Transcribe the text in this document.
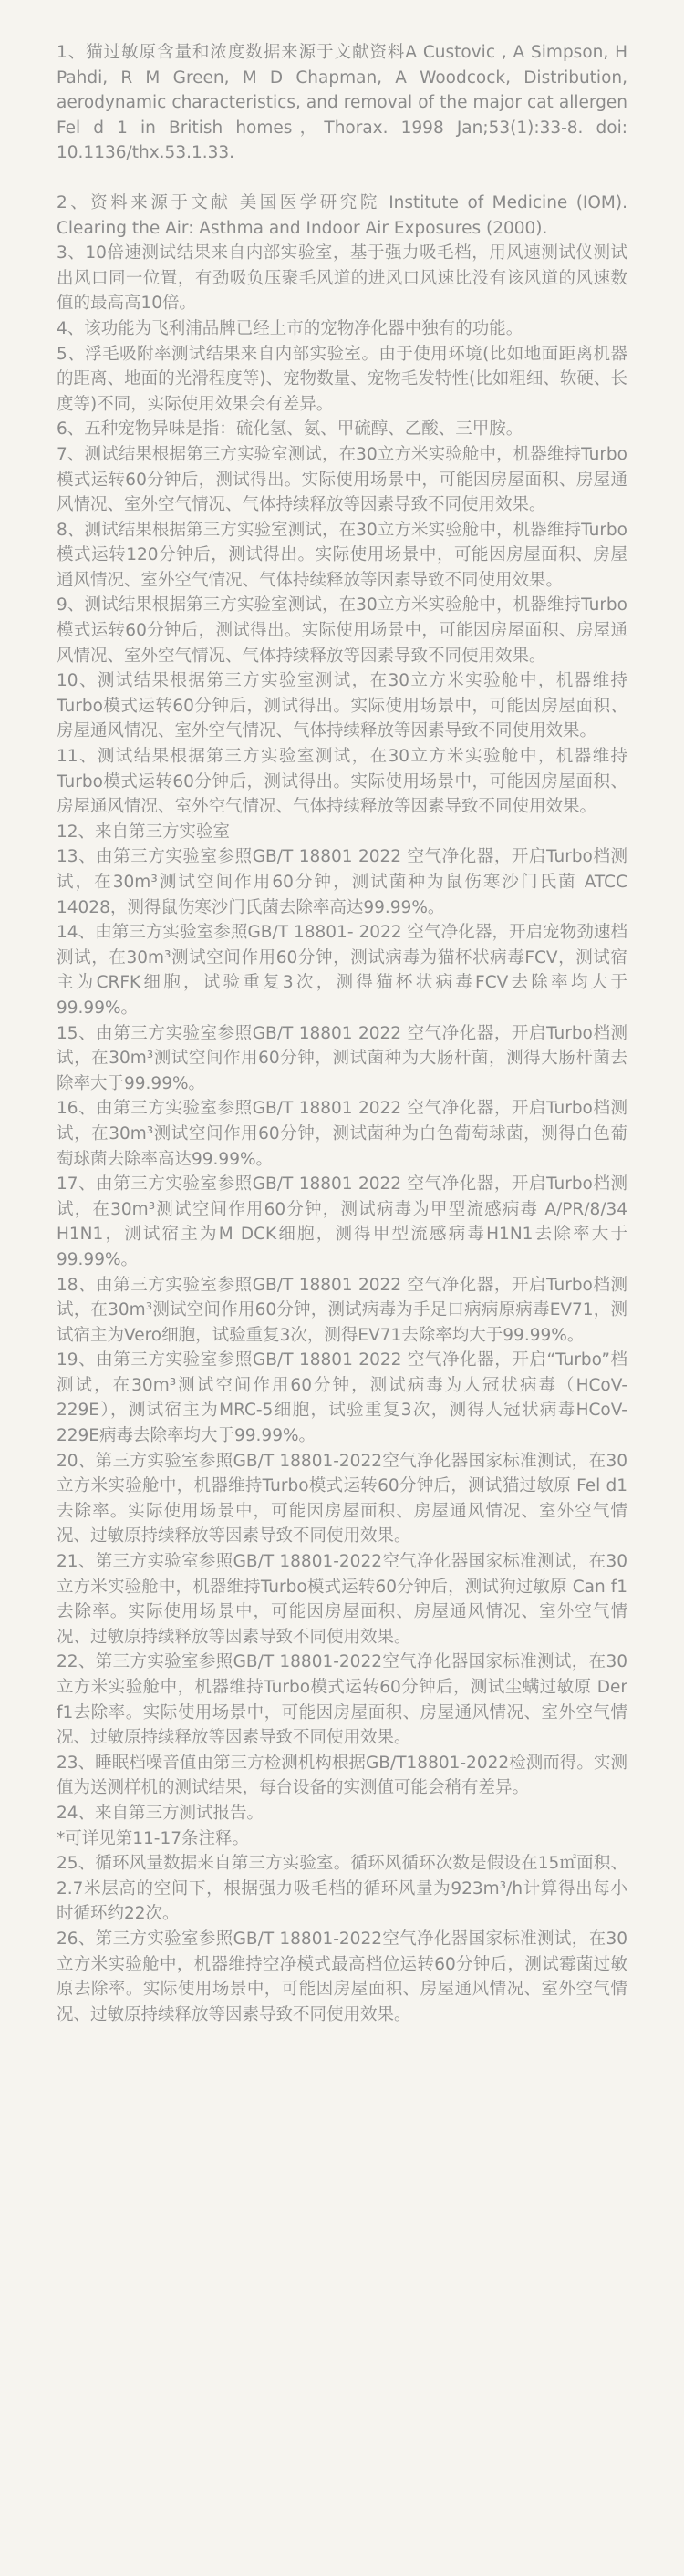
1、猫过敏原含量和浓度数据来源于文献资料A Custovic , A Simpson, H Pahdi, R M Green, M D Chapman, A Woodcock, Distribution, aerodynamic characteristics, and removal of the major cat allergen Fel d 1 in British homes，Thorax. 1998 Jan;53(1):33-8. doi: 10.1136/thx.53.1.33.

2、资料来源于文献 美国医学研究院 Institute of Medicine (IOM). Clearing the Air: Asthma and Indoor Air Exposures (2000).

3、10倍速测试结果来自内部实验室，基于强力吸毛档，用风速测试仪测试出风口同一位置，有劲吸负压聚毛风道的进风口风速比没有该风道的风速数值的最高高10倍。

4、该功能为飞利浦品牌已经上市的宠物净化器中独有的功能。

5、浮毛吸附率测试结果来自内部实验室。由于使用环境(比如地面距离机器的距离、地面的光滑程度等)、宠物数量、宠物毛发特性(比如粗细、软硬、长度等)不同，实际使用效果会有差异。

6、五种宠物异味是指：硫化氢、氨、甲硫醇、乙酸、三甲胺。

7、测试结果根据第三方实验室测试，在30立方米实验舱中，机器维持Turbo模式运转60分钟后，测试得出。实际使用场景中，可能因房屋面积、房屋通风情况、室外空气情况、气体持续释放等因素导致不同使用效果。

8、测试结果根据第三方实验室测试，在30立方米实验舱中，机器维持Turbo模式运转120分钟后，测试得出。实际使用场景中，可能因房屋面积、房屋通风情况、室外空气情况、气体持续释放等因素导致不同使用效果。

9、测试结果根据第三方实验室测试，在30立方米实验舱中，机器维持Turbo模式运转60分钟后，测试得出。实际使用场景中，可能因房屋面积、房屋通风情况、室外空气情况、气体持续释放等因素导致不同使用效果。

10、测试结果根据第三方实验室测试，在30立方米实验舱中，机器维持Turbo模式运转60分钟后，测试得出。实际使用场景中，可能因房屋面积、房屋通风情况、室外空气情况、气体持续释放等因素导致不同使用效果。

11、测试结果根据第三方实验室测试，在30立方米实验舱中，机器维持Turbo模式运转60分钟后，测试得出。实际使用场景中，可能因房屋面积、房屋通风情况、室外空气情况、气体持续释放等因素导致不同使用效果。

12、来自第三方实验室

13、由第三方实验室参照GB/T 18801 2022 空气净化器，开启Turbo档测试，在30m³测试空间作用60分钟，测试菌种为鼠伤寒沙门氏菌 ATCC 14028，测得鼠伤寒沙门氏菌去除率高达99.99%。

14、由第三方实验室参照GB/T 18801- 2022 空气净化器，开启宠物劲速档测试，在30m³测试空间作用60分钟，测试病毒为猫杯状病毒FCV，测试宿主为CRFK细胞，试验重复3次，测得猫杯状病毒FCV去除率均大于99.99%。

15、由第三方实验室参照GB/T 18801 2022 空气净化器，开启Turbo档测试，在30m³测试空间作用60分钟，测试菌种为大肠杆菌，测得大肠杆菌去除率大于99.99%。

16、由第三方实验室参照GB/T 18801 2022 空气净化器，开启Turbo档测试，在30m³测试空间作用60分钟，测试菌种为白色葡萄球菌，测得白色葡萄球菌去除率高达99.99%。

17、由第三方实验室参照GB/T 18801 2022 空气净化器，开启Turbo档测试，在30m³测试空间作用60分钟，测试病毒为甲型流感病毒 A/PR/8/34 H1N1，测试宿主为M DCK细胞，测得甲型流感病毒H1N1去除率大于99.99%。

18、由第三方实验室参照GB/T 18801 2022 空气净化器，开启Turbo档测试，在30m³测试空间作用60分钟，测试病毒为手足口病病原病毒EV71，测试宿主为Vero细胞，试验重复3次，测得EV71去除率均大于99.99%。

19、由第三方实验室参照GB/T 18801 2022 空气净化器，开启“Turbo”档测试，在30m³测试空间作用60分钟，测试病毒为人冠状病毒（HCoV-229E），测试宿主为MRC-5细胞，试验重复3次，测得人冠状病毒HCoV-229E病毒去除率均大于99.99%。

20、第三方实验室参照GB/T 18801-2022空气净化器国家标准测试，在30立方米实验舱中，机器维持Turbo模式运转60分钟后，测试猫过敏原 Fel d1去除率。实际使用场景中，可能因房屋面积、房屋通风情况、室外空气情况、过敏原持续释放等因素导致不同使用效果。

21、第三方实验室参照GB/T 18801-2022空气净化器国家标准测试，在30立方米实验舱中，机器维持Turbo模式运转60分钟后，测试狗过敏原 Can f1去除率。实际使用场景中，可能因房屋面积、房屋通风情况、室外空气情况、过敏原持续释放等因素导致不同使用效果。

22、第三方实验室参照GB/T 18801-2022空气净化器国家标准测试，在30立方米实验舱中，机器维持Turbo模式运转60分钟后，测试尘螨过敏原 Der f1去除率。实际使用场景中，可能因房屋面积、房屋通风情况、室外空气情况、过敏原持续释放等因素导致不同使用效果。

23、睡眠档噪音值由第三方检测机构根据GB/T18801-2022检测而得。实测值为送测样机的测试结果，每台设备的实测值可能会稍有差异。

24、来自第三方测试报告。

*可详见第11-17条注释。

25、循环风量数据来自第三方实验室。循环风循环次数是假设在15㎡面积、2.7米层高的空间下，根据强力吸毛档的循环风量为923m³/h计算得出每小时循环约22次。

26、第三方实验室参照GB/T 18801-2022空气净化器国家标准测试，在30立方米实验舱中，机器维持空净模式最高档位运转60分钟后，测试霉菌过敏原去除率。实际使用场景中，可能因房屋面积、房屋通风情况、室外空气情况、过敏原持续释放等因素导致不同使用效果。
